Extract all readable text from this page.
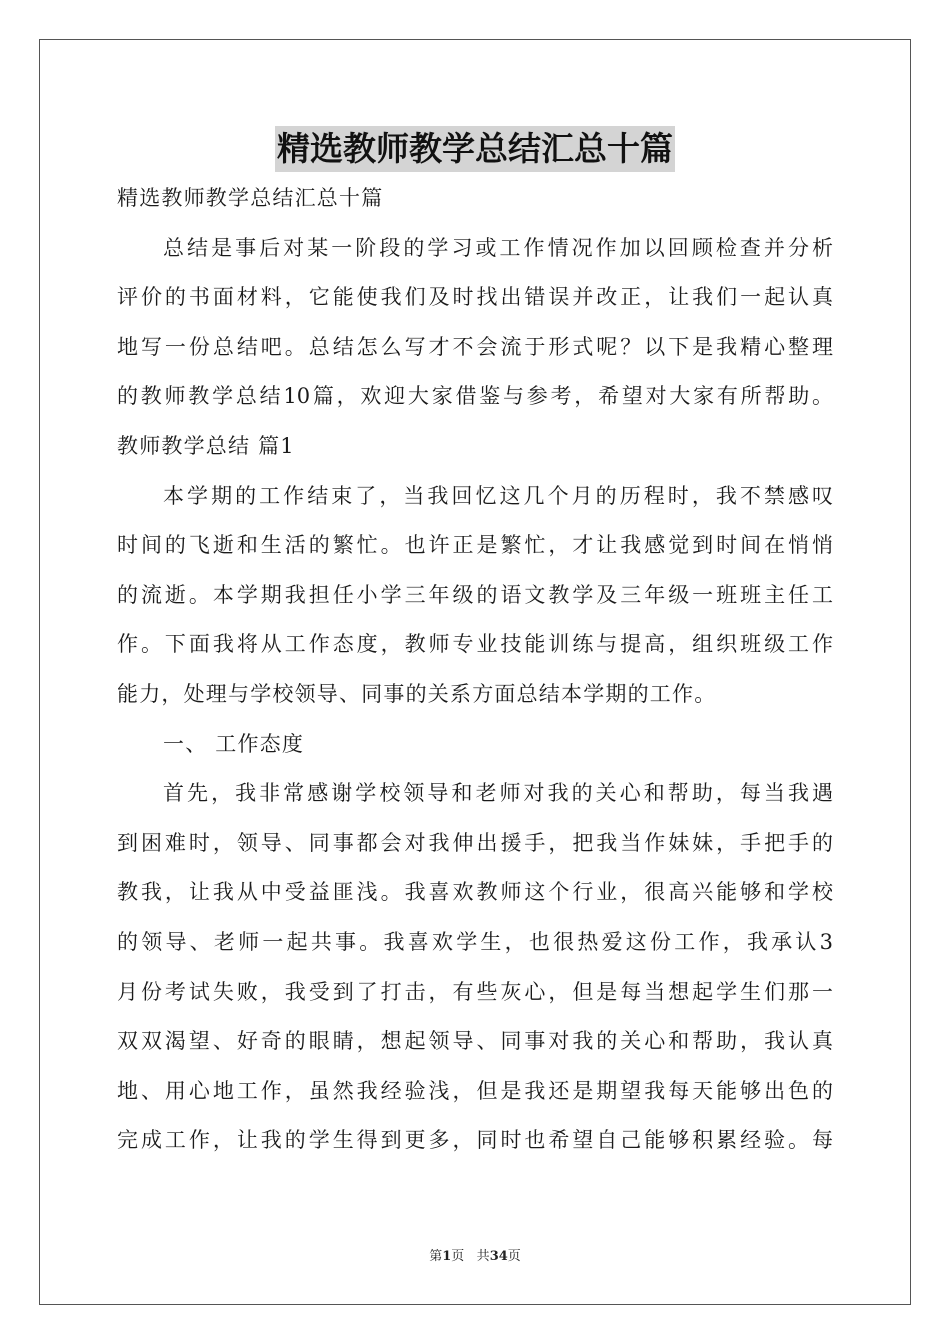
精选教师教学总结汇总十篇
精选教师教学总结汇总十篇
总结是事后对某一阶段的学习或工作情况作加以回顾检查并分析
评价的书面材料，它能使我们及时找出错误并改正，让我们一起认真
地写一份总结吧。总结怎么写才不会流于形式呢？以下是我精心整理
的教师教学总结10篇，欢迎大家借鉴与参考，希望对大家有所帮助。
教师教学总结 篇1
本学期的工作结束了，当我回忆这几个月的历程时，我不禁感叹
时间的飞逝和生活的繁忙。也许正是繁忙，才让我感觉到时间在悄悄
的流逝。本学期我担任小学三年级的语文教学及三年级一班班主任工
作。下面我将从工作态度，教师专业技能训练与提高，组织班级工作
能力，处理与学校领导、同事的关系方面总结本学期的工作。
一、 工作态度
首先，我非常感谢学校领导和老师对我的关心和帮助，每当我遇
到困难时，领导、同事都会对我伸出援手，把我当作妹妹，手把手的
教我，让我从中受益匪浅。我喜欢教师这个行业，很高兴能够和学校
的领导、老师一起共事。我喜欢学生，也很热爱这份工作，我承认3
月份考试失败，我受到了打击，有些灰心，但是每当想起学生们那一
双双渴望、好奇的眼睛，想起领导、同事对我的关心和帮助，我认真
地、用心地工作，虽然我经验浅，但是我还是期望我每天能够出色的
完成工作，让我的学生得到更多，同时也希望自己能够积累经验。每
第1页 共34页
